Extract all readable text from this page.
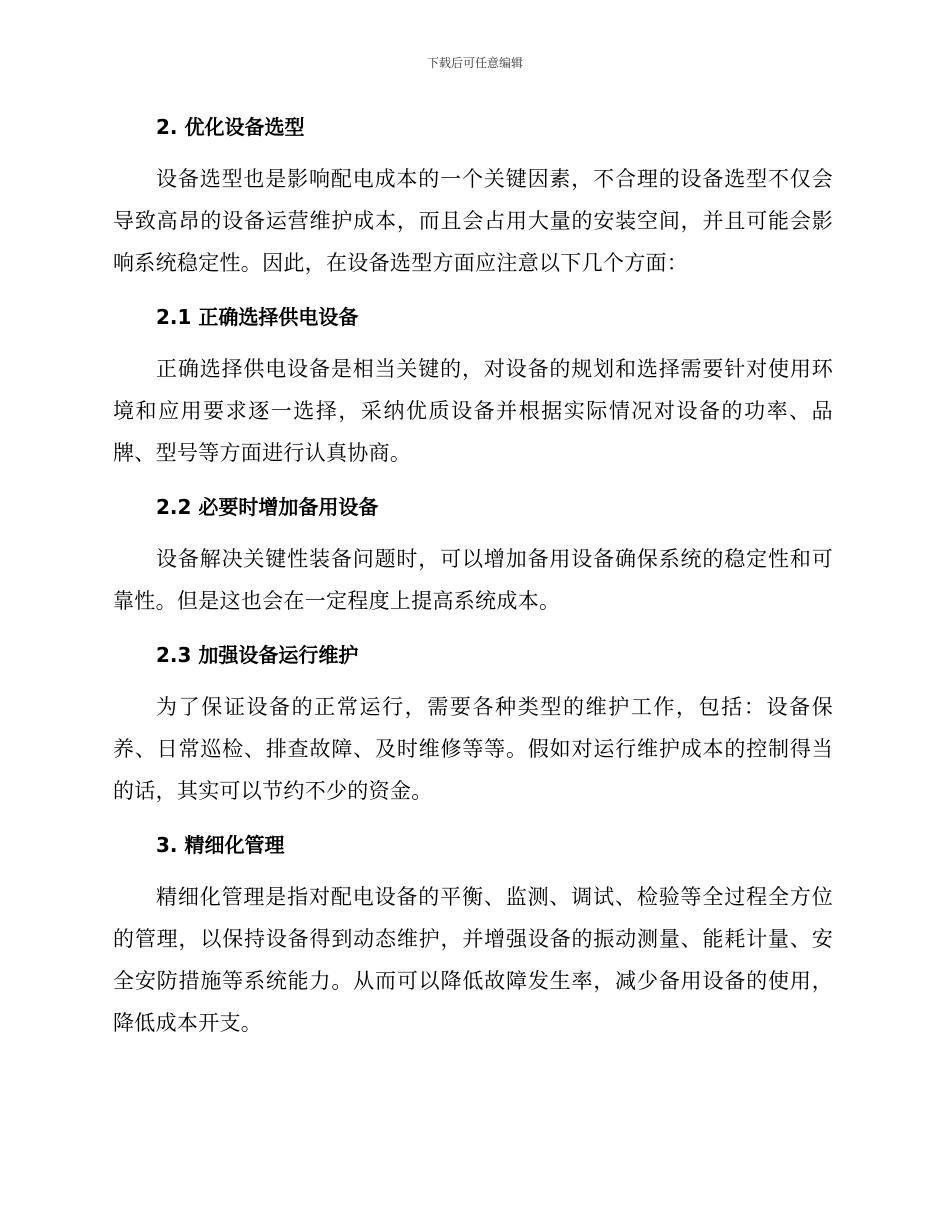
下载后可任意编辑
2. 优化设备选型

设备选型也是影响配电成本的一个关键因素，不合理的设备选型不仅会导致高昂的设备运营维护成本，而且会占用大量的安装空间，并且可能会影响系统稳定性。因此，在设备选型方面应注意以下几个方面：

2.1 正确选择供电设备

正确选择供电设备是相当关键的，对设备的规划和选择需要针对使用环境和应用要求逐一选择，采纳优质设备并根据实际情况对设备的功率、品牌、型号等方面进行认真协商。

2.2 必要时增加备用设备

设备解决关键性装备问题时，可以增加备用设备确保系统的稳定性和可靠性。但是这也会在一定程度上提高系统成本。

2.3 加强设备运行维护

为了保证设备的正常运行，需要各种类型的维护工作，包括：设备保养、日常巡检、排查故障、及时维修等等。假如对运行维护成本的控制得当的话，其实可以节约不少的资金。

3. 精细化管理

精细化管理是指对配电设备的平衡、监测、调试、检验等全过程全方位的管理，以保持设备得到动态维护，并增强设备的振动测量、能耗计量、安全安防措施等系统能力。从而可以降低故障发生率，减少备用设备的使用，降低成本开支。
